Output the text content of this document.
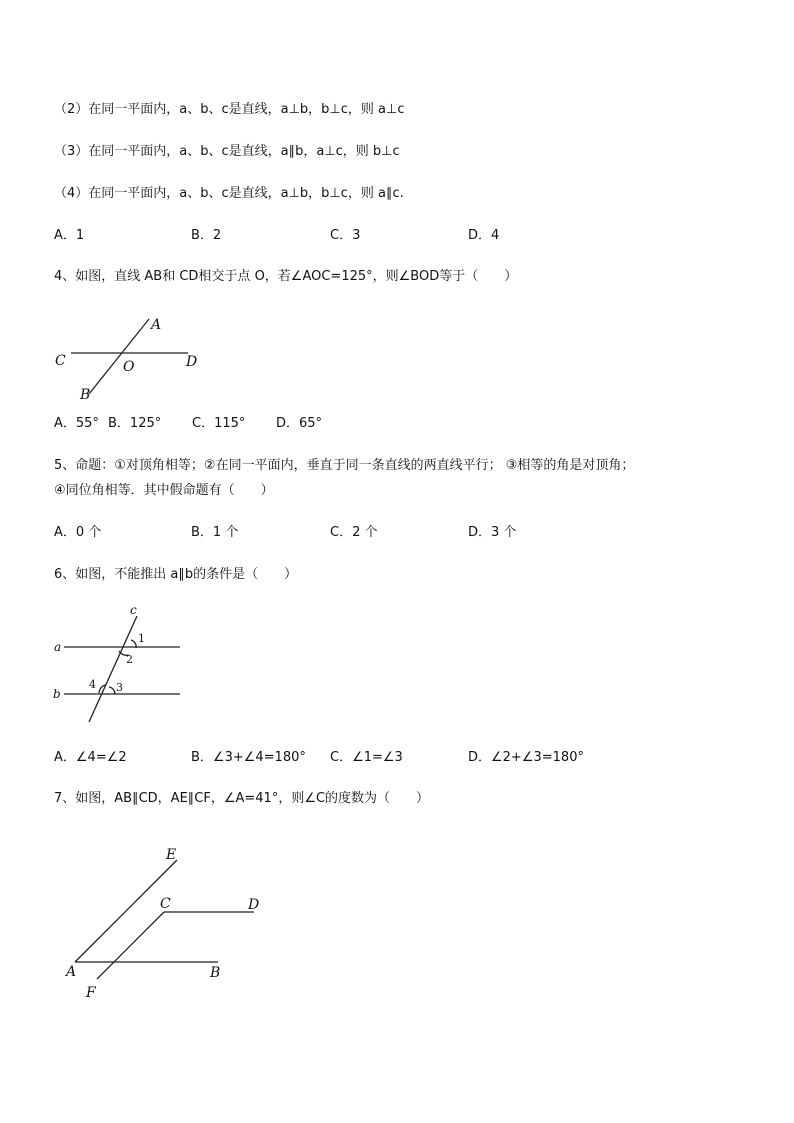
（2）在同一平面内，a、b、c是直线，a⊥b，b⊥c，则 a⊥c
（3）在同一平面内，a、b、c是直线，a∥b，a⊥c，则 b⊥c
（4）在同一平面内，a、b、c是直线，a⊥b，b⊥c，则 a∥c.
A．1	B．2	C．3	D．4
4、如图，直线 AB和 CD相交于点 O，若∠AOC=125°，则∠BOD等于（　　）
A
C	O	D
B
A．55° B．125° C．115° D．65°
5、命题：①对顶角相等；②在同一平面内，垂直于同一条直线的两直线平行； ③相等的角是对顶角；
④同位角相等．其中假命题有（　　）
A．0 个	B．1 个	C．2 个	D．3 个
6、如图，不能推出 a∥b的条件是（　　）
c
a
b
1
2
3
4
A．∠4=∠2	B．∠3+∠4=180° C．∠1=∠3	D．∠2+∠3=180°
7、如图，AB∥CD，AE∥CF，∠A=41°，则∠C的度数为（　　）
E
C	D
A	B
F
